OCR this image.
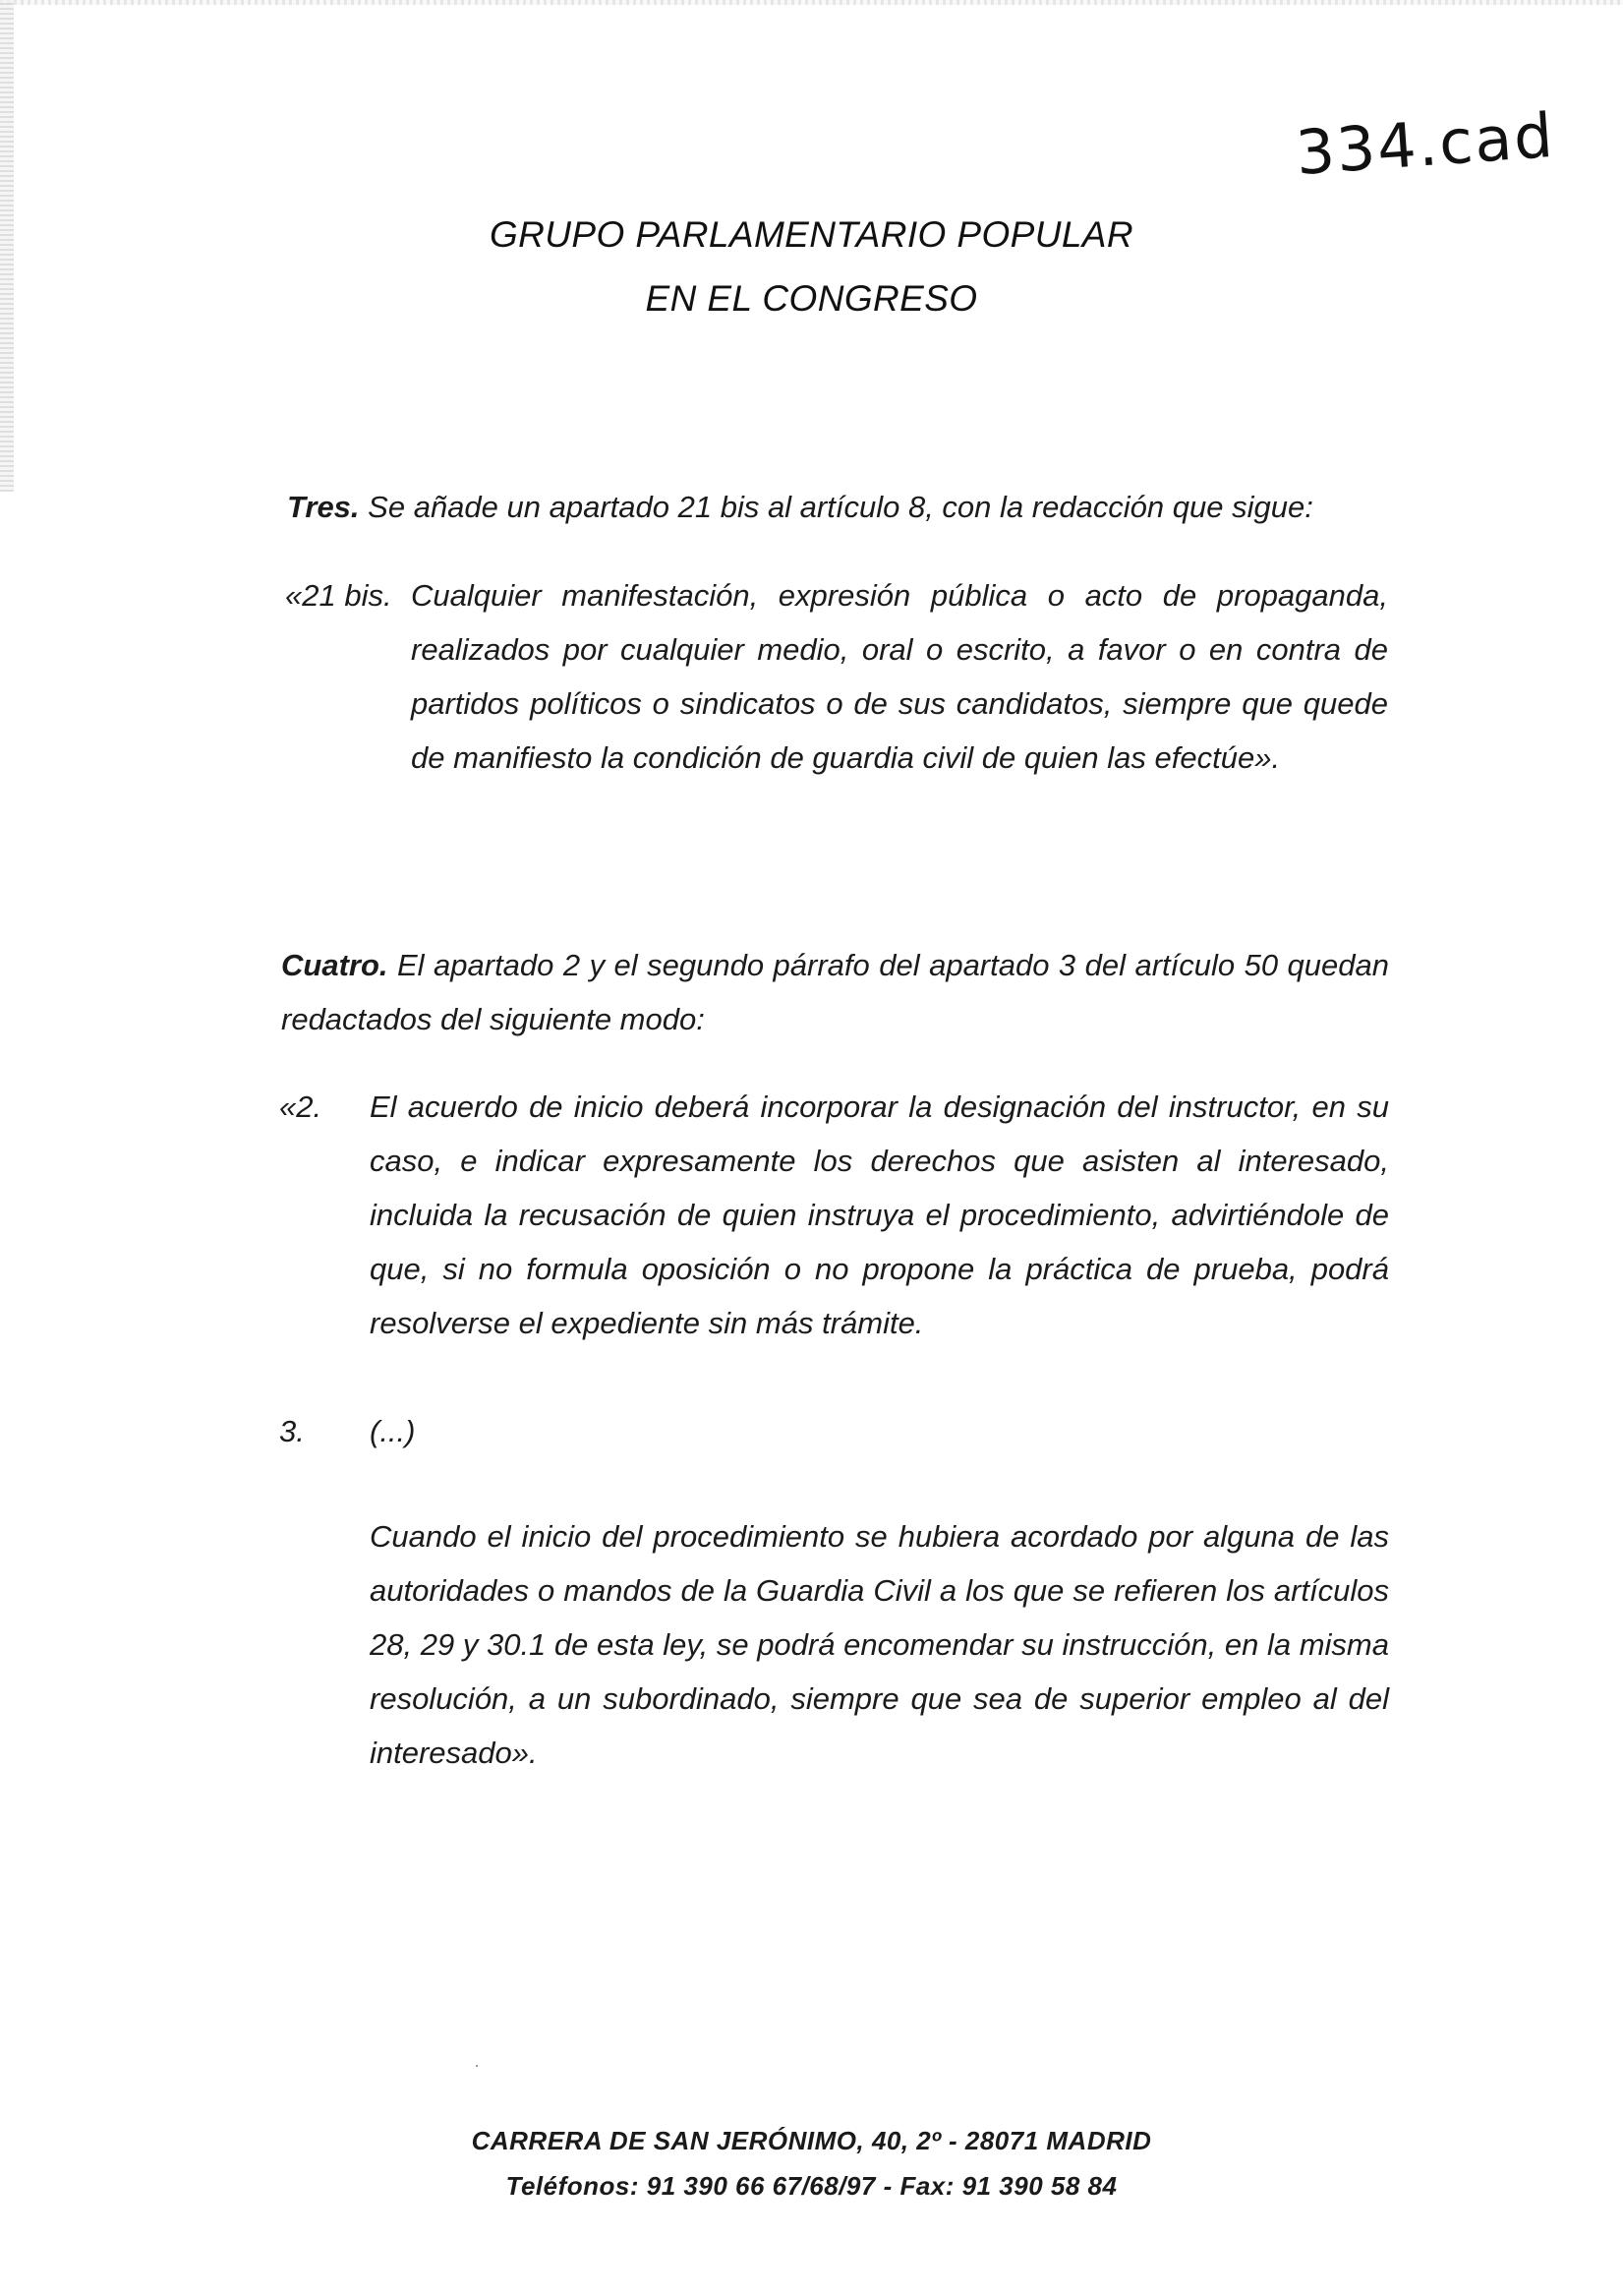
334.cad
GRUPO PARLAMENTARIO POPULAR
EN EL CONGRESO
Tres. Se añade un apartado 21 bis al artículo 8, con la redacción que sigue:
«21 bis. Cualquier manifestación, expresión pública o acto de propaganda, realizados por cualquier medio, oral o escrito, a favor o en contra de partidos políticos o sindicatos o de sus candidatos, siempre que quede de manifiesto la condición de guardia civil de quien las efectúe».
Cuatro. El apartado 2 y el segundo párrafo del apartado 3 del artículo 50 quedan redactados del siguiente modo:
«2. El acuerdo de inicio deberá incorporar la designación del instructor, en su caso, e indicar expresamente los derechos que asisten al interesado, incluida la recusación de quien instruya el procedimiento, advirtiéndole de que, si no formula oposición o no propone la práctica de prueba, podrá resolverse el expediente sin más trámite.
3. (...)
Cuando el inicio del procedimiento se hubiera acordado por alguna de las autoridades o mandos de la Guardia Civil a los que se refieren los artículos 28, 29 y 30.1 de esta ley, se podrá encomendar su instrucción, en la misma resolución, a un subordinado, siempre que sea de superior empleo al del interesado».
CARRERA DE SAN JERÓNIMO, 40, 2º - 28071 MADRID
Teléfonos: 91 390 66 67/68/97 - Fax: 91 390 58 84
